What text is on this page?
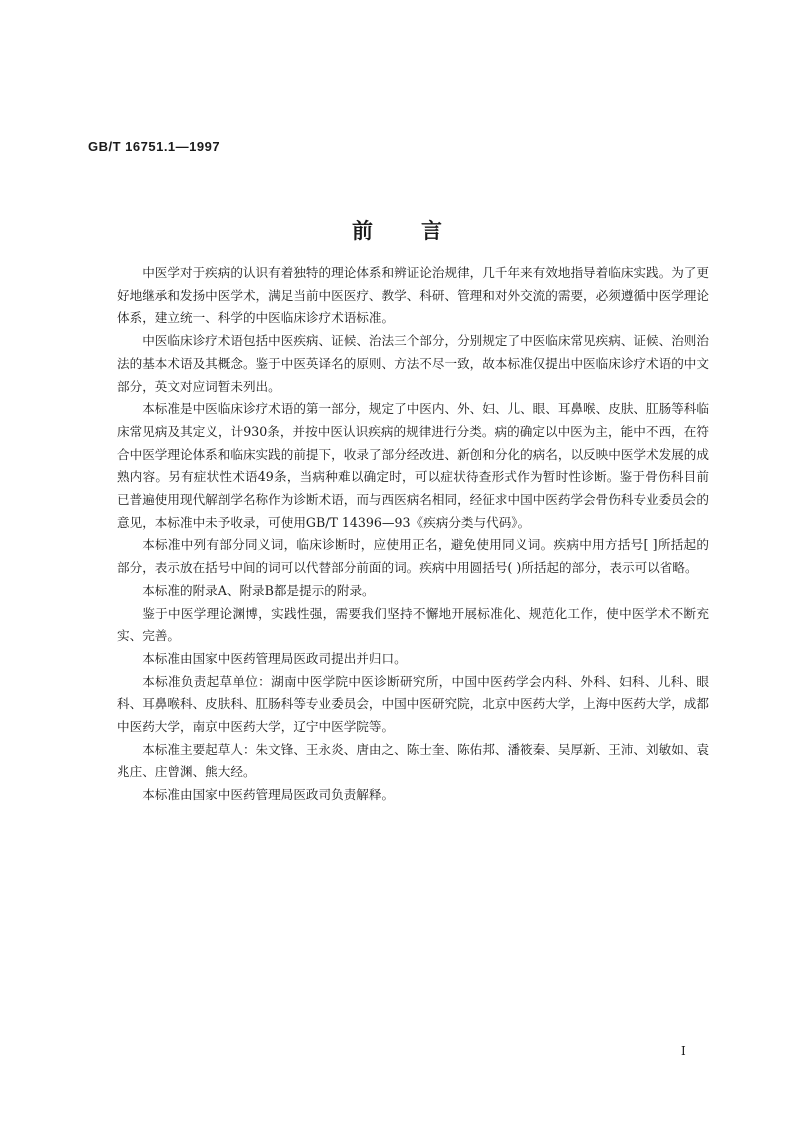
GB/T 16751.1—1997
前言

中医学对于疾病的认识有着独特的理论体系和辨证论治规律，几千年来有效地指导着临床实践。为了更好地继承和发扬中医学术，满足当前中医医疗、教学、科研、管理和对外交流的需要，必须遵循中医学理论体系，建立统一、科学的中医临床诊疗术语标准。

中医临床诊疗术语包括中医疾病、证候、治法三个部分，分别规定了中医临床常见疾病、证候、治则治法的基本术语及其概念。鉴于中医英译名的原则、方法不尽一致，故本标准仅提出中医临床诊疗术语的中文部分，英文对应词暂未列出。

本标准是中医临床诊疗术语的第一部分，规定了中医内、外、妇、儿、眼、耳鼻喉、皮肤、肛肠等科临床常见病及其定义，计930条，并按中医认识疾病的规律进行分类。病的确定以中医为主，能中不西，在符合中医学理论体系和临床实践的前提下，收录了部分经改进、新创和分化的病名，以反映中医学术发展的成熟内容。另有症状性术语49条，当病种难以确定时，可以症状待查形式作为暂时性诊断。鉴于骨伤科目前已普遍使用现代解剖学名称作为诊断术语，而与西医病名相同，经征求中国中医药学会骨伤科专业委员会的意见，本标准中未予收录，可使用GB/T 14396—93《疾病分类与代码》。

本标准中列有部分同义词，临床诊断时，应使用正名，避免使用同义词。疾病中用方括号[ ]所括起的部分，表示放在括号中间的词可以代替部分前面的词。疾病中用圆括号( )所括起的部分，表示可以省略。

本标准的附录A、附录B都是提示的附录。

鉴于中医学理论渊博，实践性强，需要我们坚持不懈地开展标准化、规范化工作，使中医学术不断充实、完善。

本标准由国家中医药管理局医政司提出并归口。

本标准负责起草单位：湖南中医学院中医诊断研究所，中国中医药学会内科、外科、妇科、儿科、眼科、耳鼻喉科、皮肤科、肛肠科等专业委员会，中国中医研究院，北京中医药大学，上海中医药大学，成都中医药大学，南京中医药大学，辽宁中医学院等。

本标准主要起草人：朱文锋、王永炎、唐由之、陈士奎、陈佑邦、潘筱秦、吴厚新、王沛、刘敏如、袁兆庄、庄曾渊、熊大经。

本标准由国家中医药管理局医政司负责解释。

I
